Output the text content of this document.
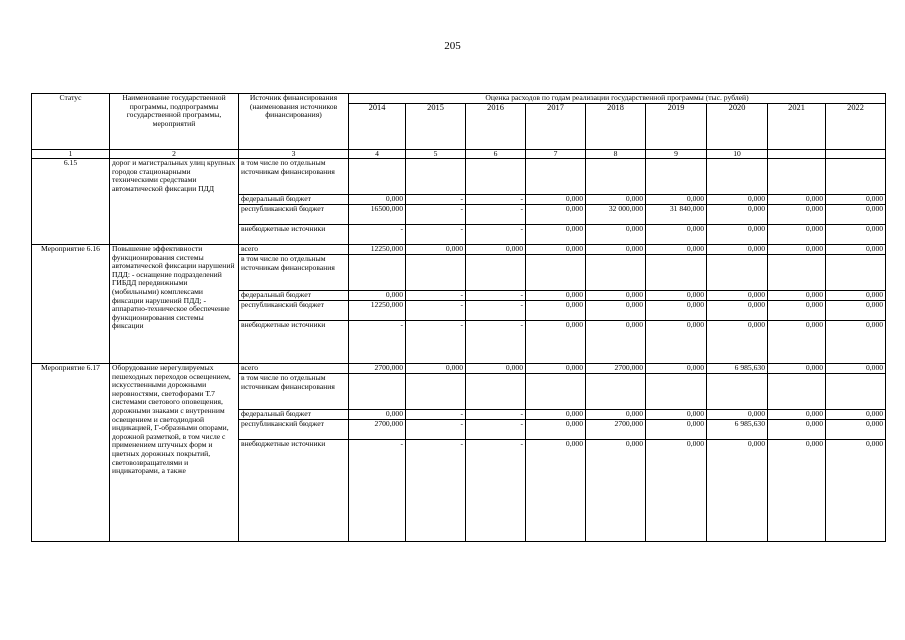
205
Статус	Наименование государственной программы, подпрограммы государственной программы, мероприятий	Источник финансирования (наименования источников финансирования)	Оценка расходов по годам реализации государственной программы (тыс. рублей)								
			2014	2015	2016	2017	2018	2019	2020	2021	2022
1	2	3	4	5	6	7	8	9	10		
6.15	дорог и магистральных улиц крупных городов стационарными техническими средствами автоматической фиксации ПДД	в том числе по отдельным источникам финансирования									
		федеральный бюджет	0,000	-	-	0,000	0,000	0,000	0,000	0,000	0,000
		республиканский бюджет	16500,000	-	-	0,000	32 000,000	31 840,000	0,000	0,000	0,000
		внебюджетные источники	-	-	-	0,000	0,000	0,000	0,000	0,000	0,000
Мероприятие 6.16	Повышение эффективности функционирования системы автоматической фиксации нарушений ПДД: - оснащение подразделений ГИБДД передвижными (мобильными) комплексами фиксации нарушений ПДД; - аппаратно-техническое обеспечение функционирования системы фиксации	всего	12250,000	0,000	0,000	0,000	0,000	0,000	0,000	0,000	0,000
		в том числе по отдельным источникам финансирования									
		федеральный бюджет	0,000	-	-	0,000	0,000	0,000	0,000	0,000	0,000
		республиканский бюджет	12250,000	-	-	0,000	0,000	0,000	0,000	0,000	0,000
		внебюджетные источники	-	-	-	0,000	0,000	0,000	0,000	0,000	0,000
Мероприятие 6.17	Оборудование нерегулируемых пешеходных переходов освещением, искусственными дорожными неровностями, светофорами Т.7 системами светового оповещения, дорожными знаками с внутренним освещением и светодиодной индикацией, Г-образными опорами, дорожной разметкой, в том числе с применением штучных форм и цветных дорожных покрытий, световозвращателями и индикаторами, а также	всего	2700,000	0,000	0,000	0,000	2700,000	0,000	6 985,630	0,000	0,000
		в том числе по отдельным источникам финансирования									
		федеральный бюджет	0,000	-	-	0,000	0,000	0,000	0,000	0,000	0,000
		республиканский бюджет	2700,000	-	-	0,000	2700,000	0,000	6 985,630	0,000	0,000
		внебюджетные источники	-	-	-	0,000	0,000	0,000	0,000	0,000	0,000
